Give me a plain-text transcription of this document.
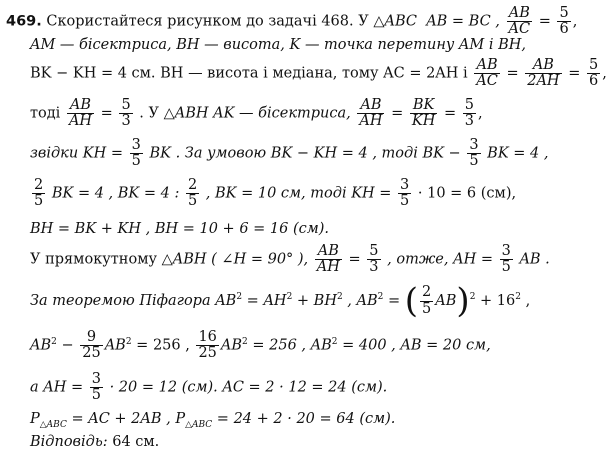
469. Скористайтеся рисунком до задачі 468. У △ABC AB = BC , $\frac{AB}{AC} = \frac{5}{6}$ ,
AM — бісектриса, BH — висота, K — точка перетину AM і BH,
BK − KH = 4 см. BH — висота і медіана, тому AC = 2AH і $\frac{AB}{AC} = \frac{AB}{2AH} = \frac{5}{6}$ ,
тоді $\frac{AB}{AH} = \frac{5}{3}$ . У △ABH AK — бісектриса, $\frac{AB}{AH} = \frac{BK}{KH} = \frac{5}{3}$ ,
звідки KH = $\frac{3}{5}$ BK . За умовою BK − KH = 4 , тоді BK − $\frac{3}{5}$ BK = 4 ,
$\frac{2}{5}$ BK = 4 , BK = 4 : $\frac{2}{5}$ , BK = 10 см, тоді KH = $\frac{3}{5} \cdot 10 = 6$ (см),
BH = BK + KH , BH = 10 + 6 = 16 (см).
У прямокутному △ABH ( ∠H = 90° ), $\frac{AB}{AH} = \frac{5}{3}$ , отже, AH = $\frac{3}{5}$ AB .
За теоремою Піфагора $AB^2 = AH^2 + BH^2$ , $AB^2$ = ( $\frac{2}{5} AB)^2 + 16^2$ ,
$AB^2 - \frac{9}{25} AB^2 = 256$ , $\frac{16}{25} AB^2 = 256$ , $AB^2 = 400$ , AB = 20 см,
а AH = $\frac{3}{5} \cdot 20 = 12$ (см). AC = 2 · 12 = 24 (см).
$P_{\triangle ABC}$ = AC + 2AB , $P_{\triangle ABC} = 24 + 2 \cdot 20 = 64$ (см).
Відповідь: 64 см.
